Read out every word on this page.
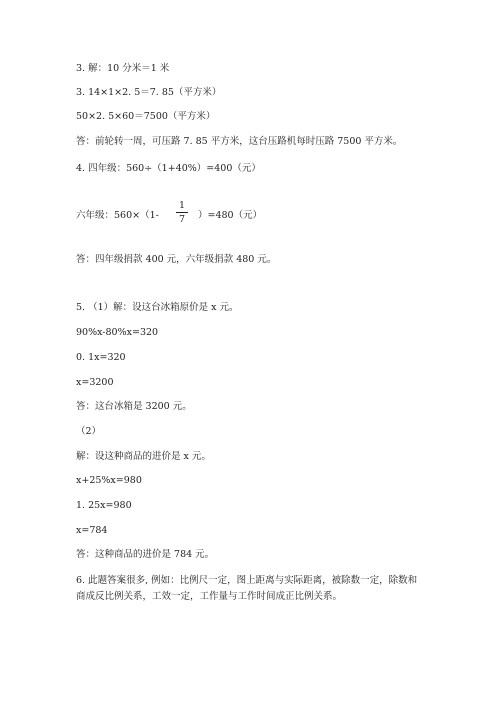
3. 解：10 分米＝1 米
3. 14×1×2. 5＝7. 85（平方米）
50×2. 5×60＝7500（平方米）
答：前轮转一周，可压路 7. 85 平方米，这台压路机每时压路 7500 平方米。
4. 四年级：560÷（1+40%）=400（元）
六年级：560×（1-
1
7	）=480（元）
答：四年级捐款 400 元，六年级捐款 480 元。
5. （1）解：设这台冰箱原价是 x 元。
90%x-80%x=320
0. 1x=320
x=3200
答：这台冰箱是 3200 元。
（2）
解：设这种商品的进价是 x 元。
x+25%x=980
1. 25x=980
x=784
答：这种商品的进价是 784 元。
6. 此题答案很多, 例如：比例尺一定，图上距离与实际距离，被除数一定，除数和商成反比例关系，工效一定，工作量与工作时间成正比例关系。
